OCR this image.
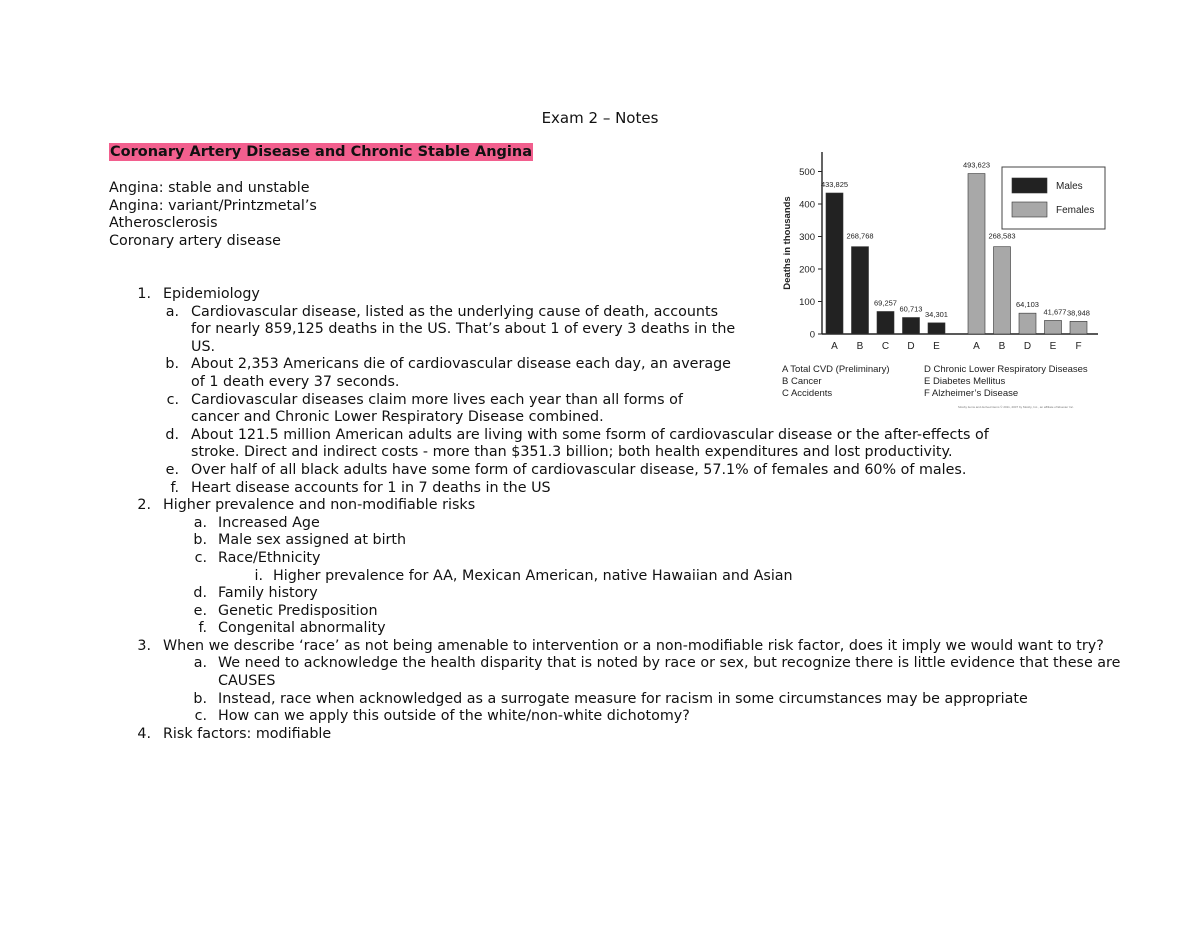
Exam 2 – Notes
Coronary Artery Disease and Chronic Stable Angina
Angina: stable and unstable
Angina: variant/Printzmetal’s
Atherosclerosis
Coronary artery disease
1. Epidemiology
a. Cardiovascular disease, listed as the underlying cause of death, accounts for nearly 859,125 deaths in the US. That’s about 1 of every 3 deaths in the US.
b. About 2,353 Americans die of cardiovascular disease each day, an average of 1 death every 37 seconds.
c. Cardiovascular diseases claim more lives each year than all forms of cancer and Chronic Lower Respiratory Disease combined.
d. About 121.5 million American adults are living with some fsorm of cardiovascular disease or the after-effects of stroke. Direct and indirect costs - more than $351.3 billion; both health expenditures and lost productivity.
e. Over half of all black adults have some form of cardiovascular disease, 57.1% of females and 60% of males.
f. Heart disease accounts for 1 in 7 deaths in the US
2. Higher prevalence and non-modifiable risks
a. Increased Age
b. Male sex assigned at birth
c. Race/Ethnicity
i. Higher prevalence for AA, Mexican American, native Hawaiian and Asian
d. Family history
e. Genetic Predisposition
f. Congenital abnormality
3. When we describe ‘race’ as not being amenable to intervention or a non-modifiable risk factor, does it imply we would want to try?
a. We need to acknowledge the health disparity that is noted by race or sex, but recognize there is little evidence that these are CAUSES
b. Instead, race when acknowledged as a surrogate measure for racism in some circumstances may be appropriate
c. How can we apply this outside of the white/non-white dichotomy?
4. Risk factors: modifiable
0
100
200
300
400
500
Deaths in thousands
433,825
A
268,768
B
69,257
C
60,713
D
34,301
E
493,623
A
268,583
B
64,103
D
41,677
E
38,948
F
Males
Females
A Total CVD (Preliminary)
B Cancer
C Accidents
D Chronic Lower Respiratory Diseases
E Diabetes Mellitus
F Alzheimer’s Disease
Mosby items and derived items © 2011, 2007 by Mosby, Inc., an affiliate of Elsevier Inc.
